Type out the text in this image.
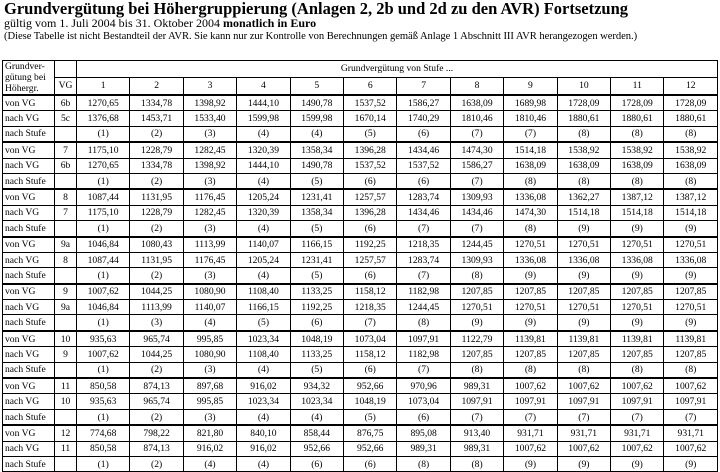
Grundvergütung bei Höhergruppierung (Anlagen 2, 2b und 2d zu den AVR) Fortsetzung
gültig vom 1. Juli 2004 bis 31. Oktober 2004 monatlich in Euro
(Diese Tabelle ist nicht Bestandteil der AVR. Sie kann nur zur Kontrolle von Berechnungen gemäß Anlage 1 Abschnitt III AVR herangezogen werden.)
Grundver-
gütung bei
Höhergr.		Grundvergütung von Stufe ...											
	VG	1	2	3	4	5	6	7	8	9	10	11	12
von VG	6b	1270,65	1334,78	1398,92	1444,10	1490,78	1537,52	1586,27	1638,09	1689,98	1728,09	1728,09	1728,09
nach VG	5c	1376,68	1453,71	1533,40	1599,98	1599,98	1670,14	1740,29	1810,46	1810,46	1880,61	1880,61	1880,61
nach Stufe		(1)	(2)	(3)	(4)	(4)	(5)	(6)	(7)	(7)	(8)	(8)	(8)
von VG	7	1175,10	1228,79	1282,45	1320,39	1358,34	1396,28	1434,46	1474,30	1514,18	1538,92	1538,92	1538,92
nach VG	6b	1270,65	1334,78	1398,92	1444,10	1490,78	1537,52	1537,52	1586,27	1638,09	1638,09	1638,09	1638,09
nach Stufe		(1)	(2)	(3)	(4)	(5)	(6)	(6)	(7)	(8)	(8)	(8)	(8)
von VG	8	1087,44	1131,95	1176,45	1205,24	1231,41	1257,57	1283,74	1309,93	1336,08	1362,27	1387,12	1387,12
nach VG	7	1175,10	1228,79	1282,45	1320,39	1358,34	1396,28	1434,46	1434,46	1474,30	1514,18	1514,18	1514,18
nach Stufe		(1)	(2)	(3)	(4)	(5)	(6)	(7)	(7)	(8)	(9)	(9)	(9)
von VG	9a	1046,84	1080,43	1113,99	1140,07	1166,15	1192,25	1218,35	1244,45	1270,51	1270,51	1270,51	1270,51
nach VG	8	1087,44	1131,95	1176,45	1205,24	1231,41	1257,57	1283,74	1309,93	1336,08	1336,08	1336,08	1336,08
nach Stufe		(1)	(2)	(3)	(4)	(5)	(6)	(7)	(8)	(9)	(9)	(9)	(9)
von VG	9	1007,62	1044,25	1080,90	1108,40	1133,25	1158,12	1182,98	1207,85	1207,85	1207,85	1207,85	1207,85
nach VG	9a	1046,84	1113,99	1140,07	1166,15	1192,25	1218,35	1244,45	1270,51	1270,51	1270,51	1270,51	1270,51
nach Stufe		(1)	(3)	(4)	(5)	(6)	(7)	(8)	(9)	(9)	(9)	(9)	(9)
von VG	10	935,63	965,74	995,85	1023,34	1048,19	1073,04	1097,91	1122,79	1139,81	1139,81	1139,81	1139,81
nach VG	9	1007,62	1044,25	1080,90	1108,40	1133,25	1158,12	1182,98	1207,85	1207,85	1207,85	1207,85	1207,85
nach Stufe		(1)	(2)	(3)	(4)	(5)	(6)	(7)	(8)	(8)	(8)	(8)	(8)
von VG	11	850,58	874,13	897,68	916,02	934,32	952,66	970,96	989,31	1007,62	1007,62	1007,62	1007,62
nach VG	10	935,63	965,74	995,85	1023,34	1023,34	1048,19	1073,04	1097,91	1097,91	1097,91	1097,91	1097,91
nach Stufe		(1)	(2)	(3)	(4)	(4)	(5)	(6)	(7)	(7)	(7)	(7)	(7)
von VG	12	774,68	798,22	821,80	840,10	858,44	876,75	895,08	913,40	931,71	931,71	931,71	931,71
nach VG	11	850,58	874,13	916,02	916,02	952,66	952,66	989,31	989,31	1007,62	1007,62	1007,62	1007,62
nach Stufe		(1)	(2)	(4)	(4)	(6)	(6)	(8)	(8)	(9)	(9)	(9)	(9)
